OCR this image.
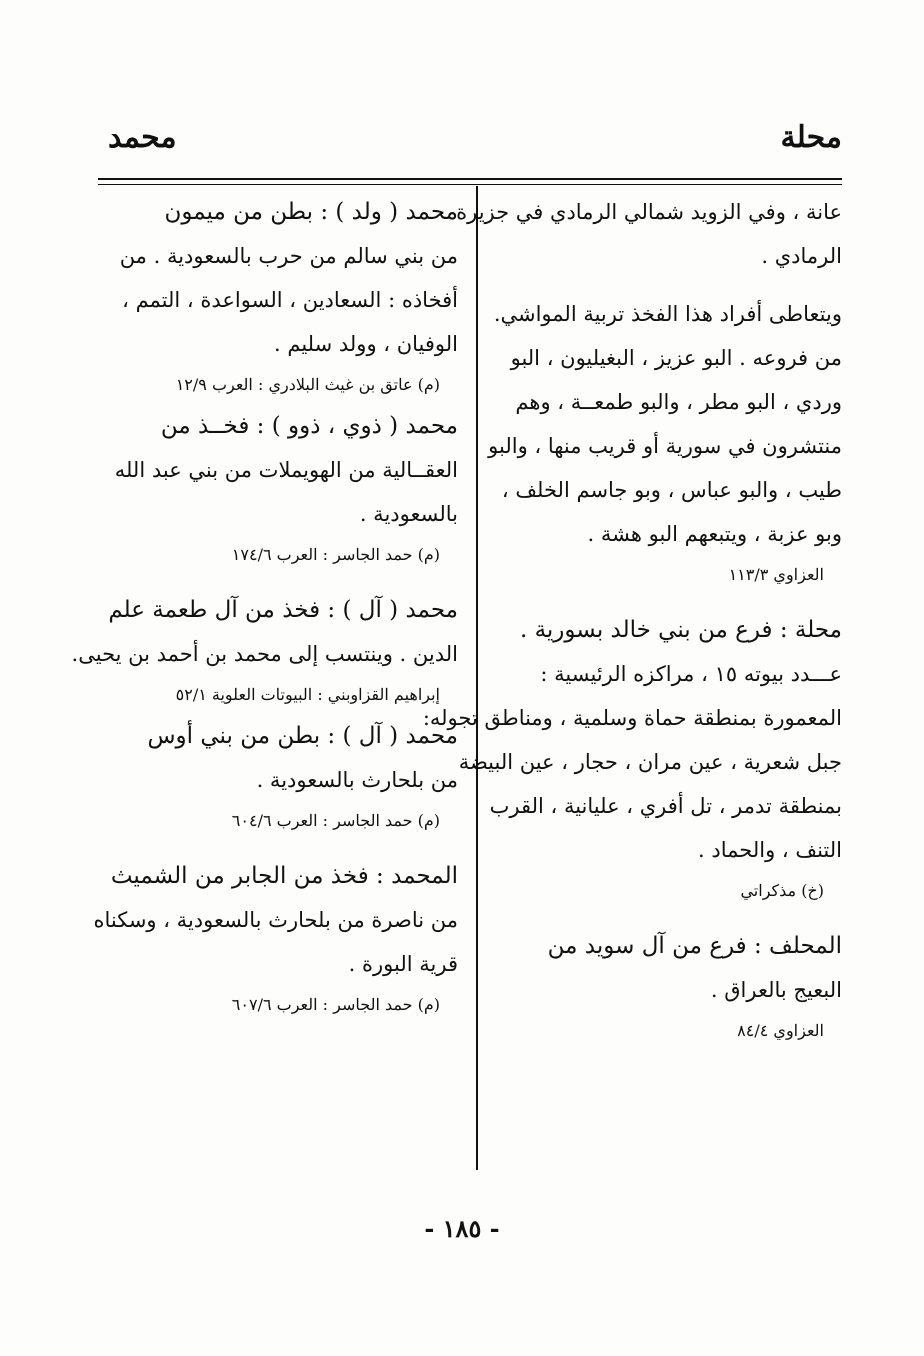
محلة
محمد
عانة ، وفي الزويد شمالي الرمادي في جزيرة
الرمادي .
ويتعاطى أفراد هذا الفخذ تربية المواشي.
من فروعه . البو عزيز ، البغيليون ، البو
وردي ، البو مطر ، والبو طمعــة ، وهم
منتشرون في سورية أو قريب منها ، والبو
طيب ، والبو عباس ، وبو جاسم الخلف ،
وبو عزبة ، ويتبعهم البو هشة .
العزاوي ١١٣/٣
محلة : فرع من بني خالد بسورية .
عـــدد بيوته ١٥ ، مراكزه الرئيسية :
المعمورة بمنطقة حماة وسلمية ، ومناطق تجوله:
جبل شعرية ، عين مران ، حجار ، عين البيضة
بمنطقة تدمر ، تل أفري ، عليانية ، القرب
التنف ، والحماد .
(خ) مذكراتي
المحلف : فرع من آل سويد من
البعيج بالعراق .
العزاوي ٨٤/٤
محمد ( ولد ) : بطن من ميمون
من بني سالم من حرب بالسعودية . من
أفخاذه : السعادين ، السواعدة ، التمم ،
الوفيان ، وولد سليم .
(م) عاتق بن غيث البلادري : العرب ١٢/٩
محمد ( ذوي ، ذوو ) : فخــذ من
العقــالية من الهويملات من بني عبد الله
بالسعودية .
(م) حمد الجاسر : العرب ١٧٤/٦
محمد ( آل ) : فخذ من آل طعمة علم
الدين . وينتسب إلى محمد بن أحمد بن يحيى.
إبراهيم القزاوبني : البيوتات العلوية ٥٢/١
محمد ( آل ) : بطن من بني أوس
من بلحارث بالسعودية .
(م) حمد الجاسر : العرب ٦٠٤/٦
المحمد : فخذ من الجابر من الشميث
من ناصرة من بلحارث بالسعودية ، وسكناه
قرية البورة .
(م) حمد الجاسر : العرب ٦٠٧/٦
- ١٨٥ -
